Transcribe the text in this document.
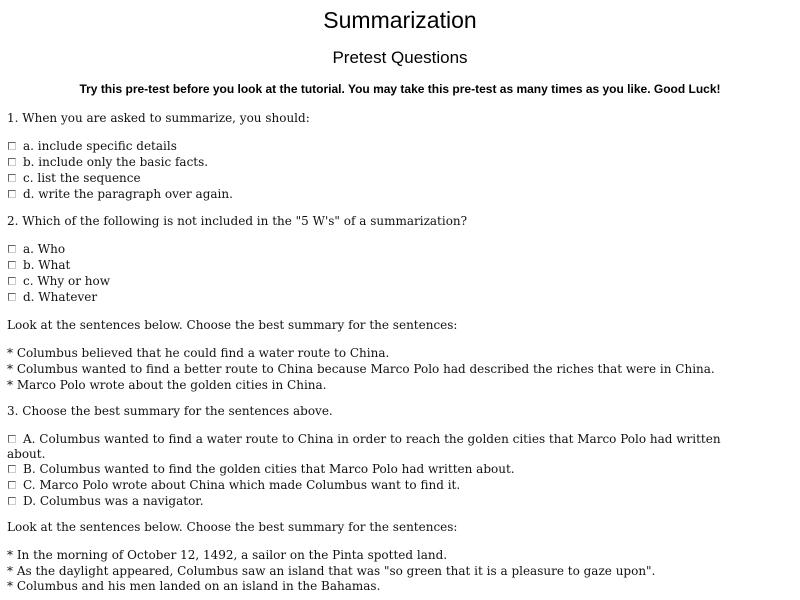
Summarization
Pretest Questions
Try this pre-test before you look at the tutorial. You may take this pre-test as many times as you like. Good Luck!
1. When you are asked to summarize, you should:
a. include specific details
b. include only the basic facts.
c. list the sequence
d. write the paragraph over again.
2. Which of the following is not included in the "5 W's" of a summarization?
a. Who
b. What
c. Why or how
d. Whatever
Look at the sentences below. Choose the best summary for the sentences:
* Columbus believed that he could find a water route to China.
* Columbus wanted to find a better route to China because Marco Polo had described the riches that were in China.
* Marco Polo wrote about the golden cities in China.
3. Choose the best summary for the sentences above.
A. Columbus wanted to find a water route to China in order to reach the golden cities that Marco Polo had written
about.
B. Columbus wanted to find the golden cities that Marco Polo had written about.
C. Marco Polo wrote about China which made Columbus want to find it.
D. Columbus was a navigator.
Look at the sentences below. Choose the best summary for the sentences:
* In the morning of October 12, 1492, a sailor on the Pinta spotted land.
* As the daylight appeared, Columbus saw an island that was "so green that it is a pleasure to gaze upon".
* Columbus and his men landed on an island in the Bahamas.
